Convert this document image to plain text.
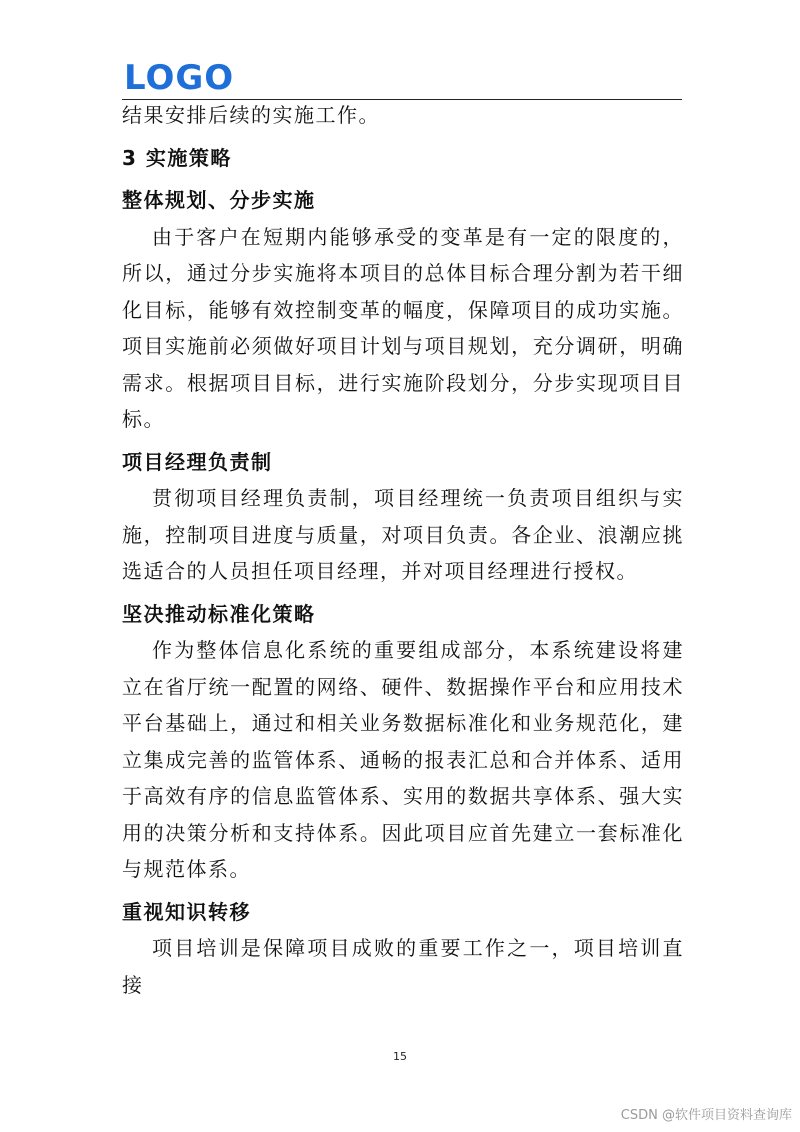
LOGO

结果安排后续的实施工作。

3 实施策略
整体规划、分步实施

由于客户在短期内能够承受的变革是有一定的限度的，所以，通过分步实施将本项目的总体目标合理分割为若干细化目标，能够有效控制变革的幅度，保障项目的成功实施。项目实施前必须做好项目计划与项目规划，充分调研，明确需求。根据项目目标，进行实施阶段划分，分步实现项目目标。

项目经理负责制

贯彻项目经理负责制，项目经理统一负责项目组织与实施，控制项目进度与质量，对项目负责。各企业、浪潮应挑选适合的人员担任项目经理，并对项目经理进行授权。

坚决推动标准化策略

作为整体信息化系统的重要组成部分，本系统建设将建立在省厅统一配置的网络、硬件、数据操作平台和应用技术平台基础上，通过和相关业务数据标准化和业务规范化，建立集成完善的监管体系、通畅的报表汇总和合并体系、适用于高效有序的信息监管体系、实用的数据共享体系、强大实用的决策分析和支持体系。因此项目应首先建立一套标准化与规范体系。

重视知识转移

项目培训是保障项目成败的重要工作之一，项目培训直接

15
CSDN @软件项目资料查询库
